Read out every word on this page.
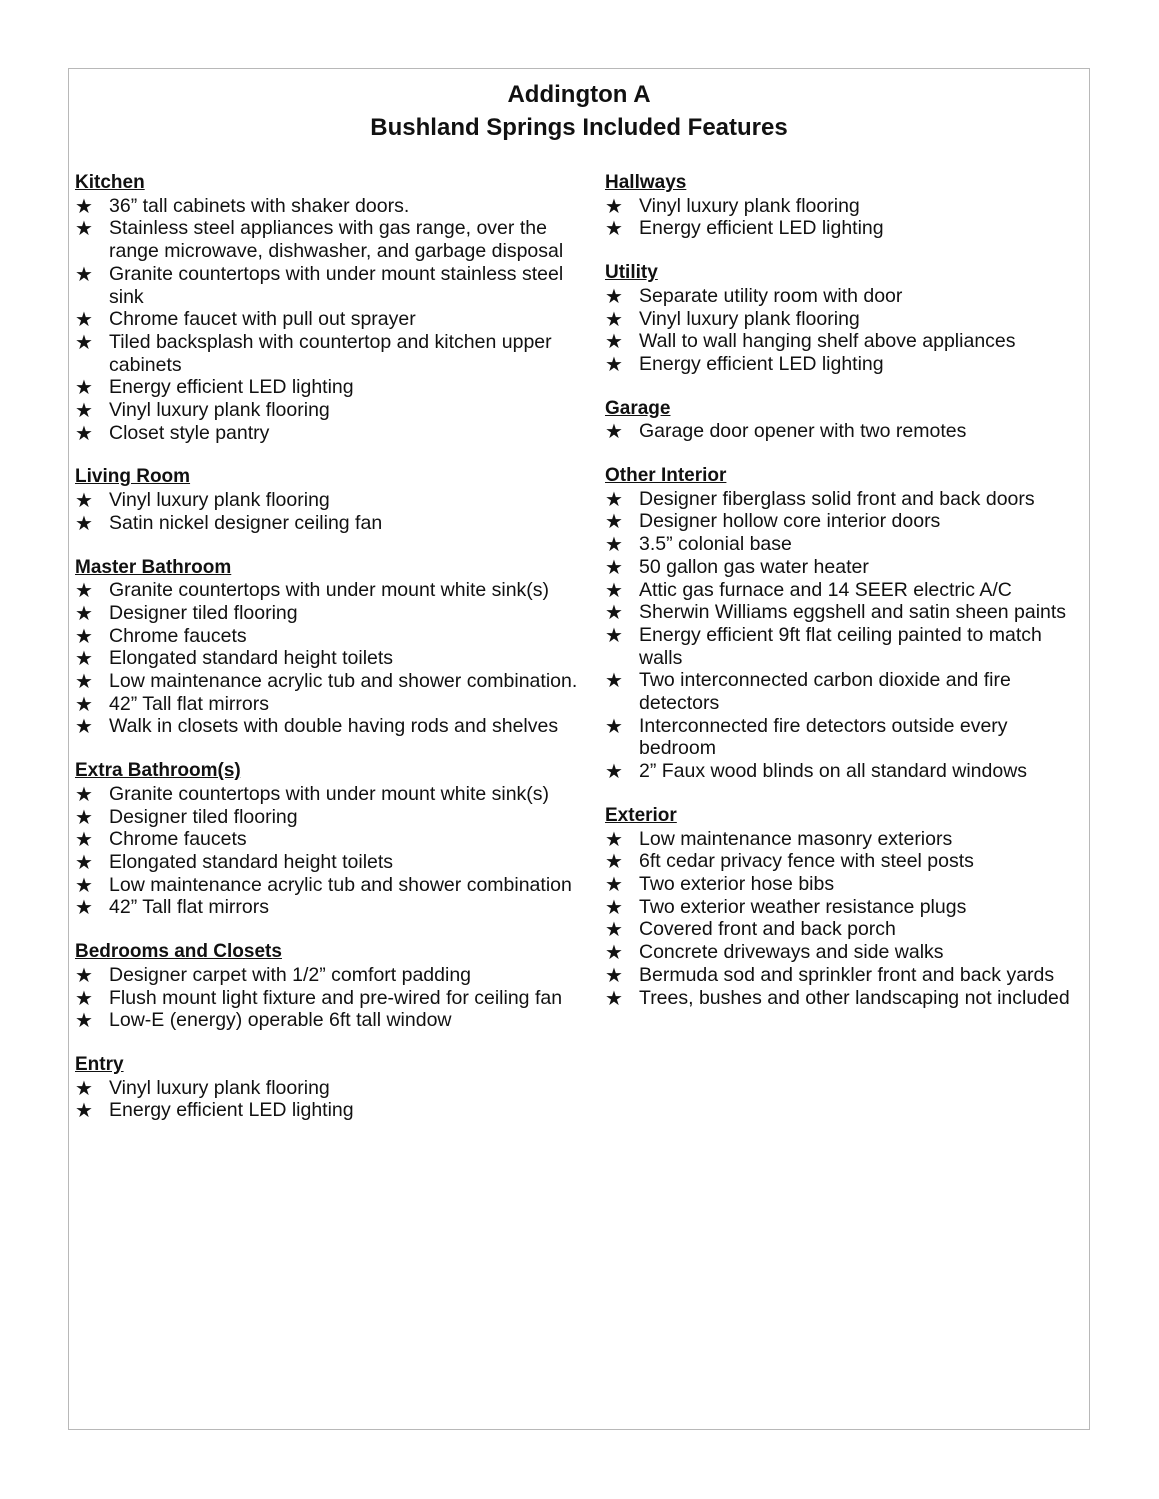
Addington A
Bushland Springs Included Features
Kitchen
★ 36” tall cabinets with shaker doors.
★ Stainless steel appliances with gas range, over the range microwave, dishwasher, and garbage disposal
★ Granite countertops with under mount stainless steel sink
★ Chrome faucet with pull out sprayer
★ Tiled backsplash with countertop and kitchen upper cabinets
★ Energy efficient LED lighting
★ Vinyl luxury plank flooring
★ Closet style pantry
Living Room
★ Vinyl luxury plank flooring
★ Satin nickel designer ceiling fan
Master Bathroom
★ Granite countertops with under mount white sink(s)
★ Designer tiled flooring
★ Chrome faucets
★ Elongated standard height toilets
★ Low maintenance acrylic tub and shower combination.
★ 42” Tall flat mirrors
★ Walk in closets with double having rods and shelves
Extra Bathroom(s)
★ Granite countertops with under mount white sink(s)
★ Designer tiled flooring
★ Chrome faucets
★ Elongated standard height toilets
★ Low maintenance acrylic tub and shower combination
★ 42” Tall flat mirrors
Bedrooms and Closets
★ Designer carpet with 1/2” comfort padding
★ Flush mount light fixture and pre-wired for ceiling fan
★ Low-E (energy) operable 6ft tall window
Entry
★ Vinyl luxury plank flooring
★ Energy efficient LED lighting
Hallways
★ Vinyl luxury plank flooring
★ Energy efficient LED lighting
Utility
★ Separate utility room with door
★ Vinyl luxury plank flooring
★ Wall to wall hanging shelf above appliances
★ Energy efficient LED lighting
Garage
★ Garage door opener with two remotes
Other Interior
★ Designer fiberglass solid front and back doors
★ Designer hollow core interior doors
★ 3.5” colonial base
★ 50 gallon gas water heater
★ Attic gas furnace and 14 SEER electric A/C
★ Sherwin Williams eggshell and satin sheen paints
★ Energy efficient 9ft flat ceiling painted to match walls
★ Two interconnected carbon dioxide and fire detectors
★ Interconnected fire detectors outside every bedroom
★ 2” Faux wood blinds on all standard windows
Exterior
★ Low maintenance masonry exteriors
★ 6ft cedar privacy fence with steel posts
★ Two exterior hose bibs
★ Two exterior weather resistance plugs
★ Covered front and back porch
★ Concrete driveways and side walks
★ Bermuda sod and sprinkler front and back yards
★ Trees, bushes and other landscaping not included
